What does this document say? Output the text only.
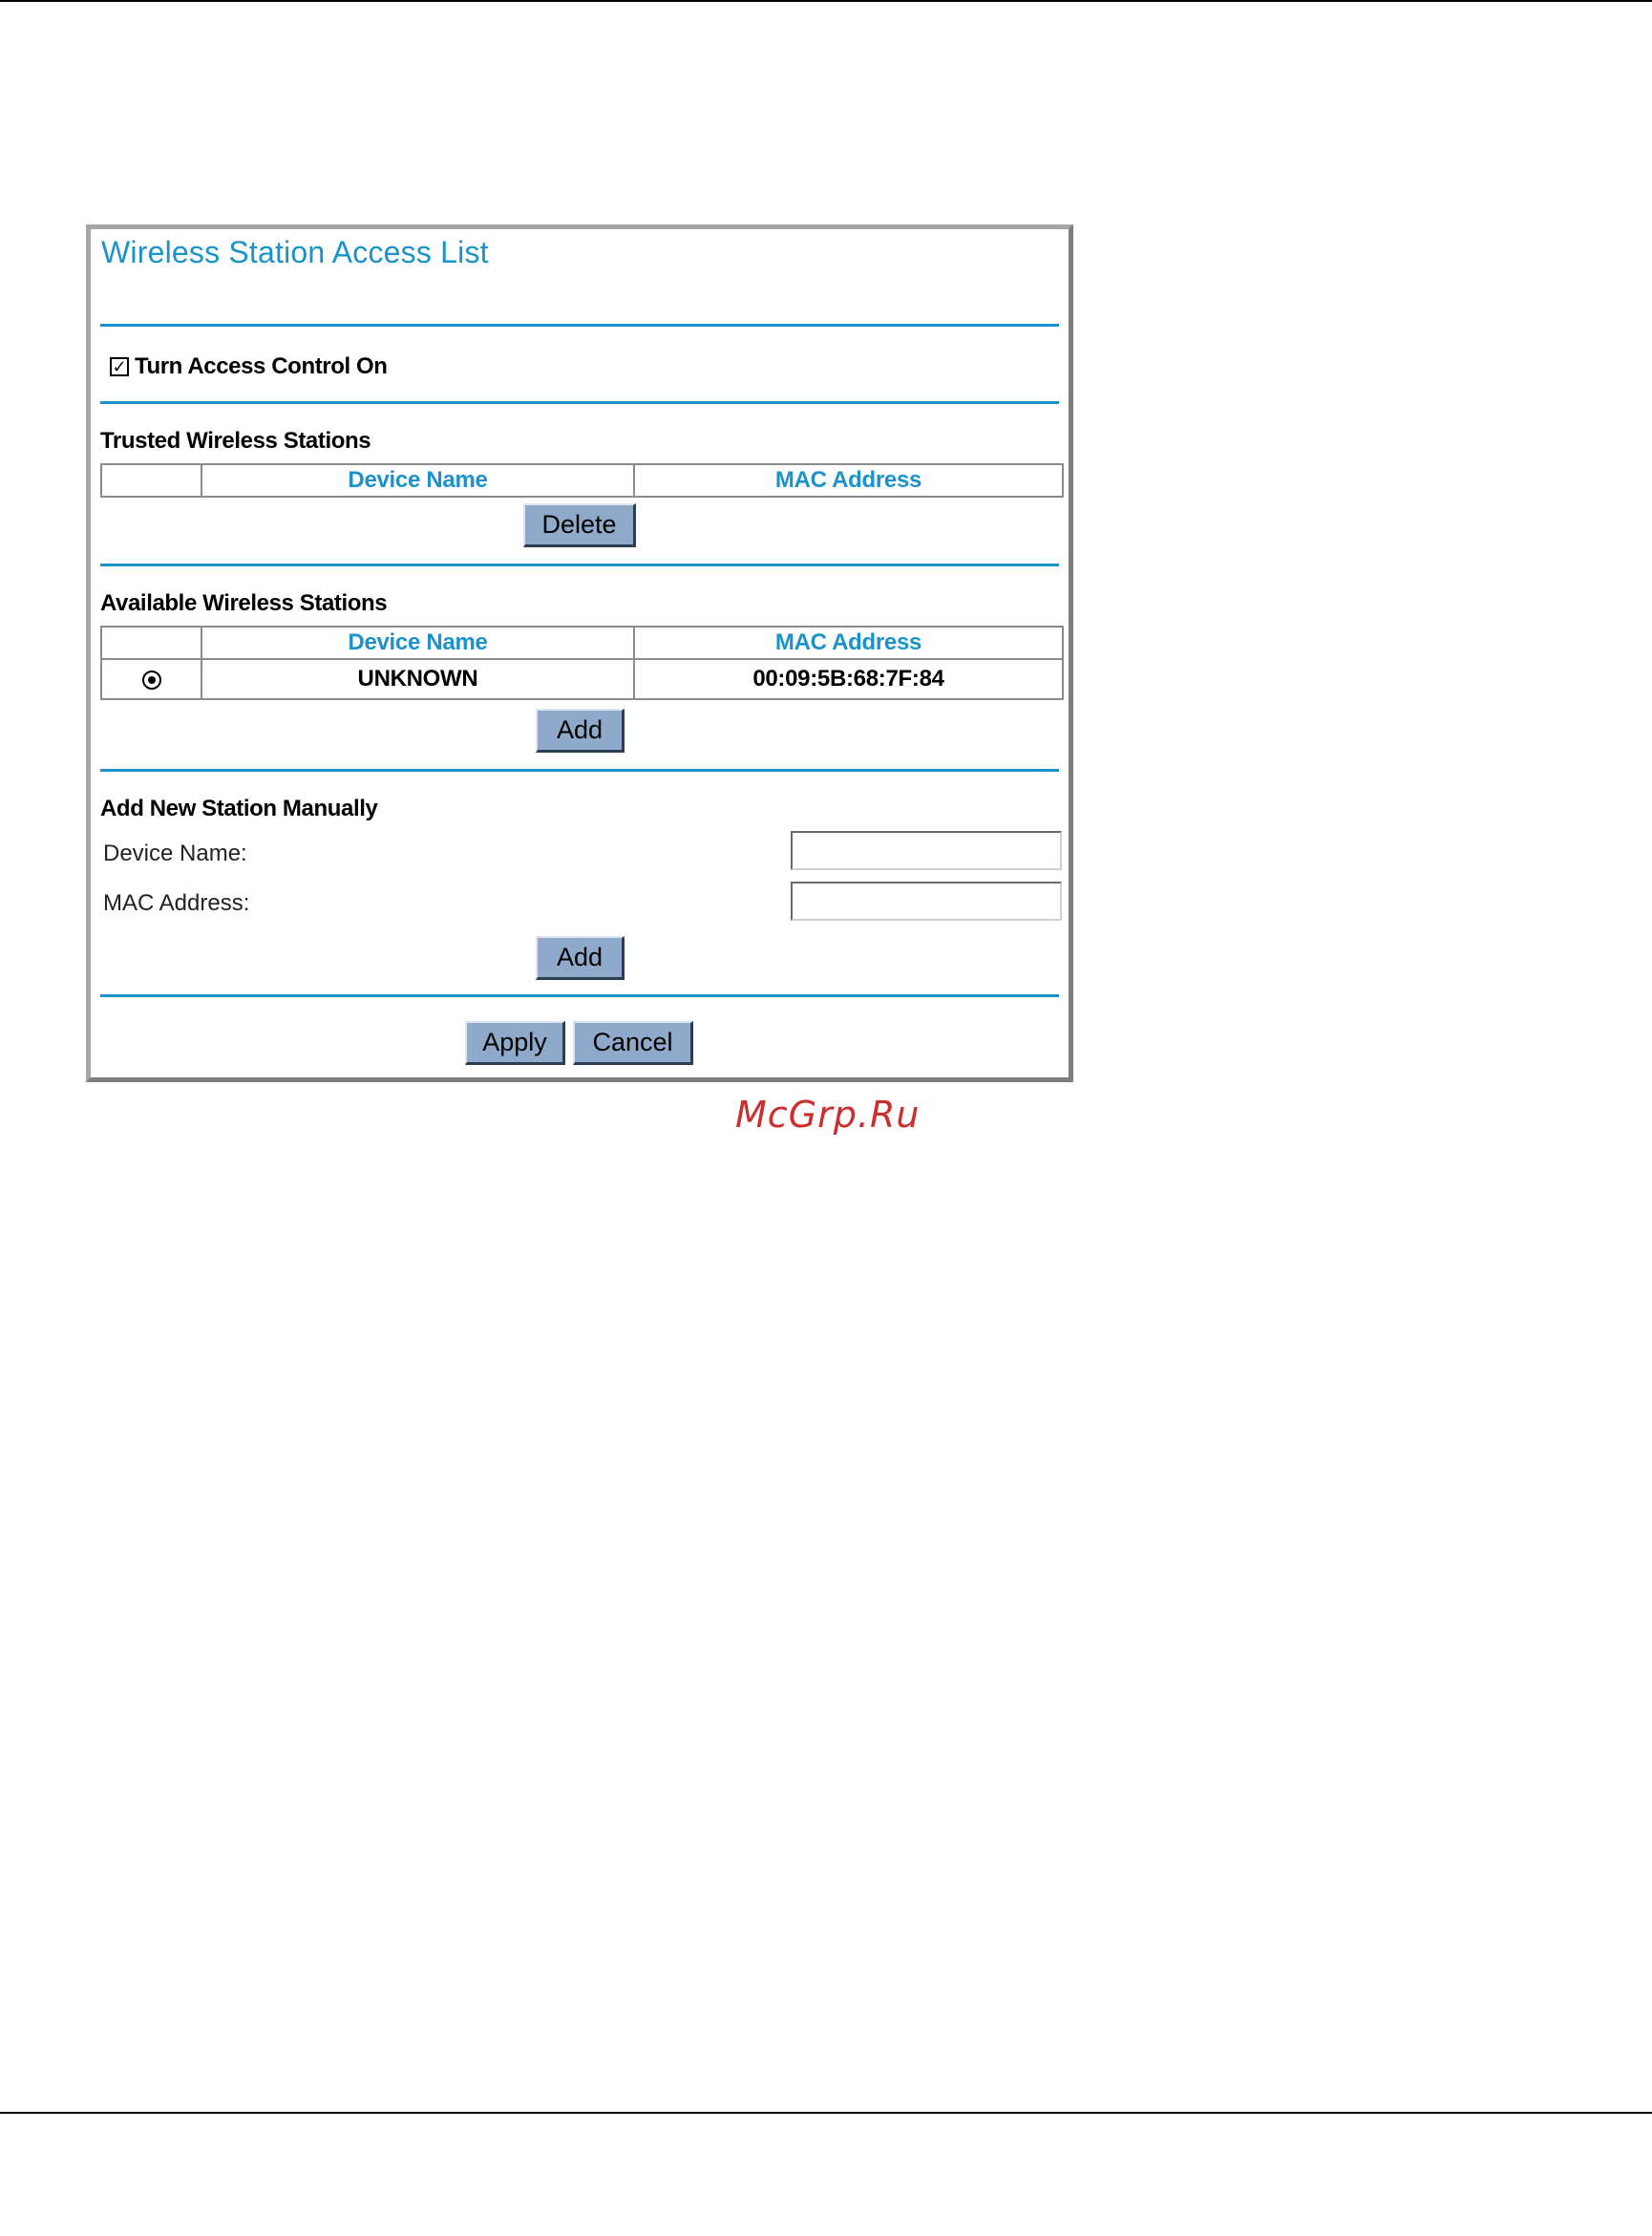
Wireless Station Access List
✓ Turn Access Control On
Trusted Wireless Stations
	Device Name	MAC Address
Delete
Available Wireless Stations
	Device Name	MAC Address
	UNKNOWN	00:09:5B:68:7F:84
Add
Add New Station Manually
Device Name:
MAC Address:
Add
Apply	Cancel
McGrp.Ru
